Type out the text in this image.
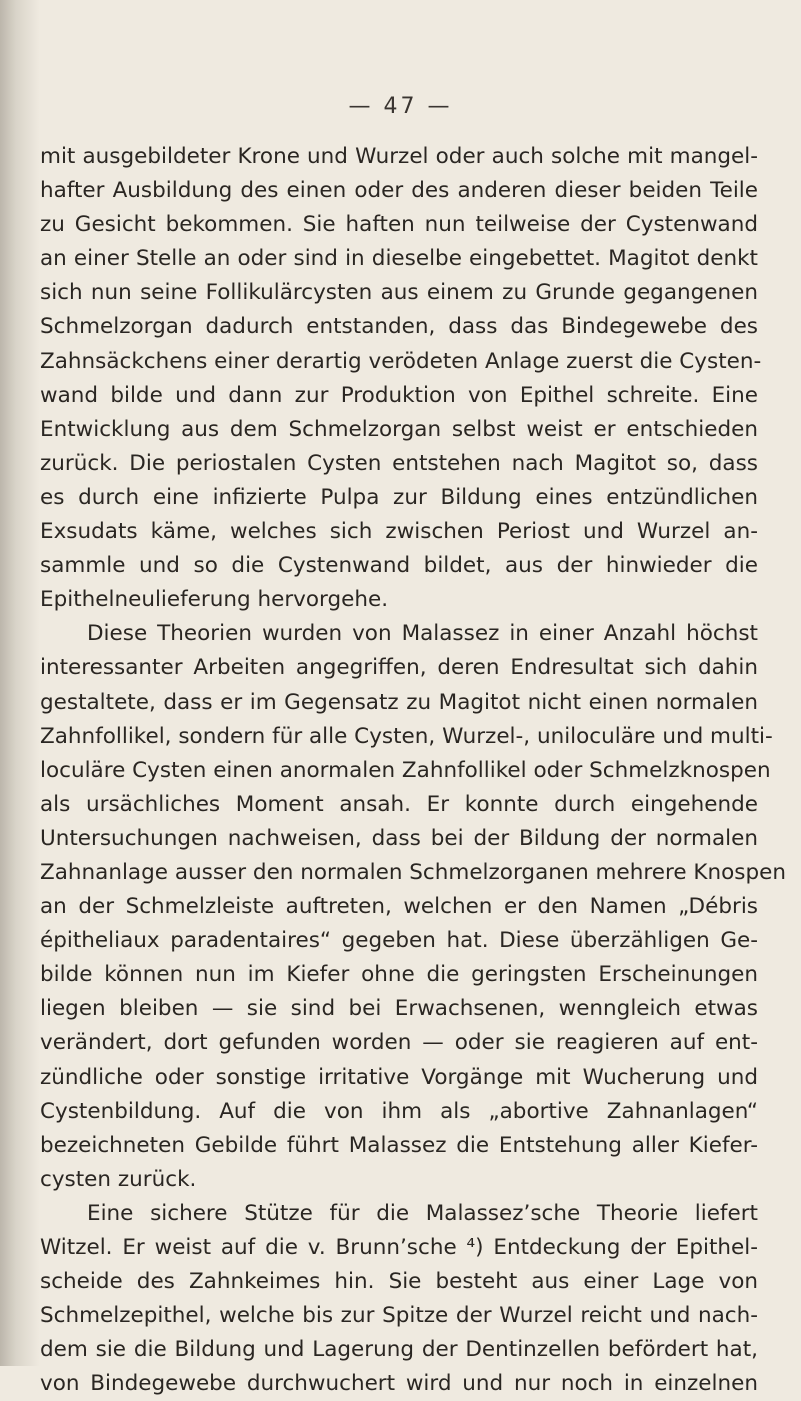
— 47 —
mit ausgebildeter Krone und Wurzel oder auch solche mit mangel-
hafter Ausbildung des einen oder des anderen dieser beiden Teile
zu Gesicht bekommen. Sie haften nun teilweise der Cystenwand
an einer Stelle an oder sind in dieselbe eingebettet. Magitot denkt
sich nun seine Follikulärcysten aus einem zu Grunde gegangenen
Schmelzorgan dadurch entstanden, dass das Bindegewebe des
Zahnsäckchens einer derartig verödeten Anlage zuerst die Cysten-
wand bilde und dann zur Produktion von Epithel schreite. Eine
Entwicklung aus dem Schmelzorgan selbst weist er entschieden
zurück. Die periostalen Cysten entstehen nach Magitot so, dass
es durch eine infizierte Pulpa zur Bildung eines entzündlichen
Exsudats käme, welches sich zwischen Periost und Wurzel an-
sammle und so die Cystenwand bildet, aus der hinwieder die
Epithelneulieferung hervorgehe.
Diese Theorien wurden von Malassez in einer Anzahl höchst
interessanter Arbeiten angegriffen, deren Endresultat sich dahin
gestaltete, dass er im Gegensatz zu Magitot nicht einen normalen
Zahnfollikel, sondern für alle Cysten, Wurzel-, uniloculäre und multi-
loculäre Cysten einen anormalen Zahnfollikel oder Schmelzknospen
als ursächliches Moment ansah. Er konnte durch eingehende
Untersuchungen nachweisen, dass bei der Bildung der normalen
Zahnanlage ausser den normalen Schmelzorganen mehrere Knospen
an der Schmelzleiste auftreten, welchen er den Namen „Débris
épitheliaux paradentaires“ gegeben hat. Diese überzähligen Ge-
bilde können nun im Kiefer ohne die geringsten Erscheinungen
liegen bleiben — sie sind bei Erwachsenen, wenngleich etwas
verändert, dort gefunden worden — oder sie reagieren auf ent-
zündliche oder sonstige irritative Vorgänge mit Wucherung und
Cystenbildung. Auf die von ihm als „abortive Zahnanlagen“
bezeichneten Gebilde führt Malassez die Entstehung aller Kiefer-
cysten zurück.
Eine sichere Stütze für die Malassez’sche Theorie liefert
Witzel. Er weist auf die v. Brunn’sche ⁴) Entdeckung der Epithel-
scheide des Zahnkeimes hin. Sie besteht aus einer Lage von
Schmelzepithel, welche bis zur Spitze der Wurzel reicht und nach-
dem sie die Bildung und Lagerung der Dentinzellen befördert hat,
von Bindegewebe durchwuchert wird und nur noch in einzelnen
